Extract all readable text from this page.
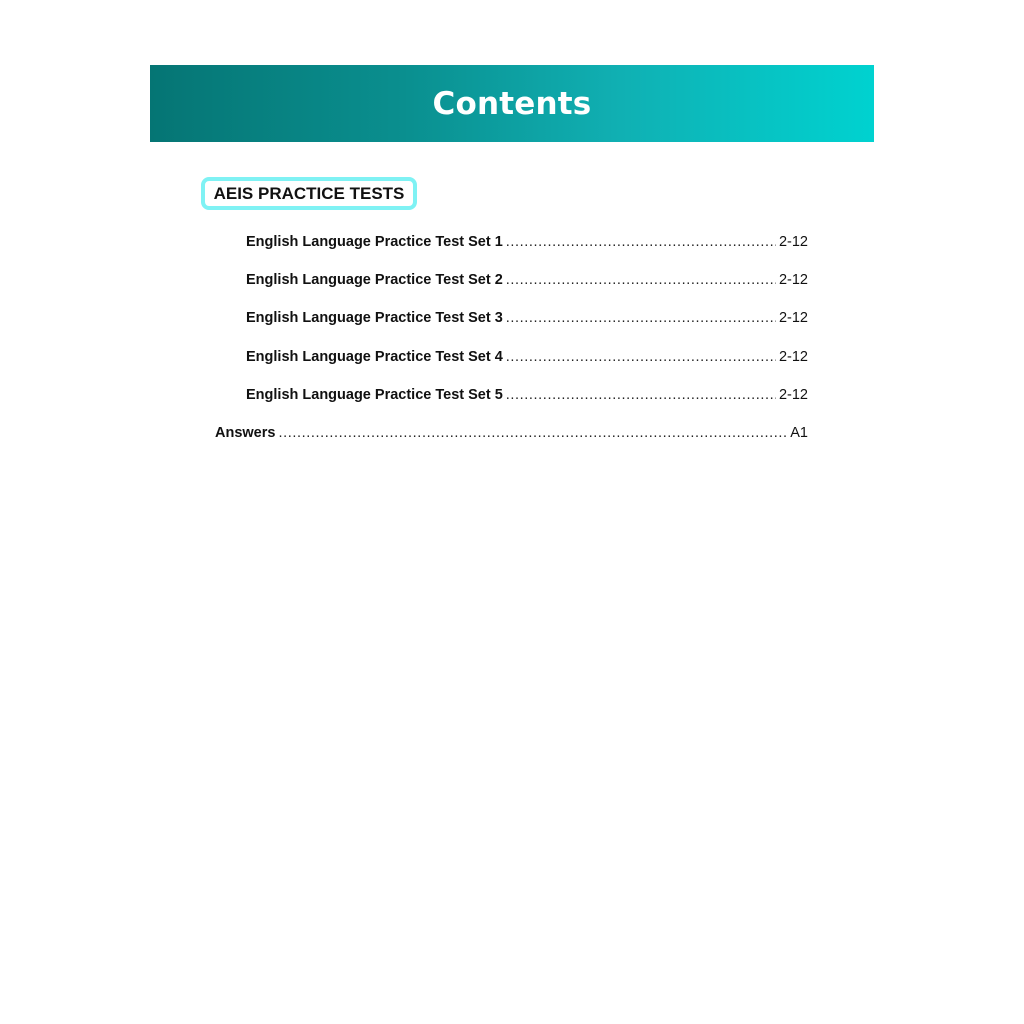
Contents
AEIS PRACTICE TESTS
English Language Practice Test Set 1 .....	2-12
English Language Practice Test Set 2 .....	2-12
English Language Practice Test Set 3 .....	2-12
English Language Practice Test Set 4 .....	2-12
English Language Practice Test Set 5 .....	2-12
Answers .....	A1
